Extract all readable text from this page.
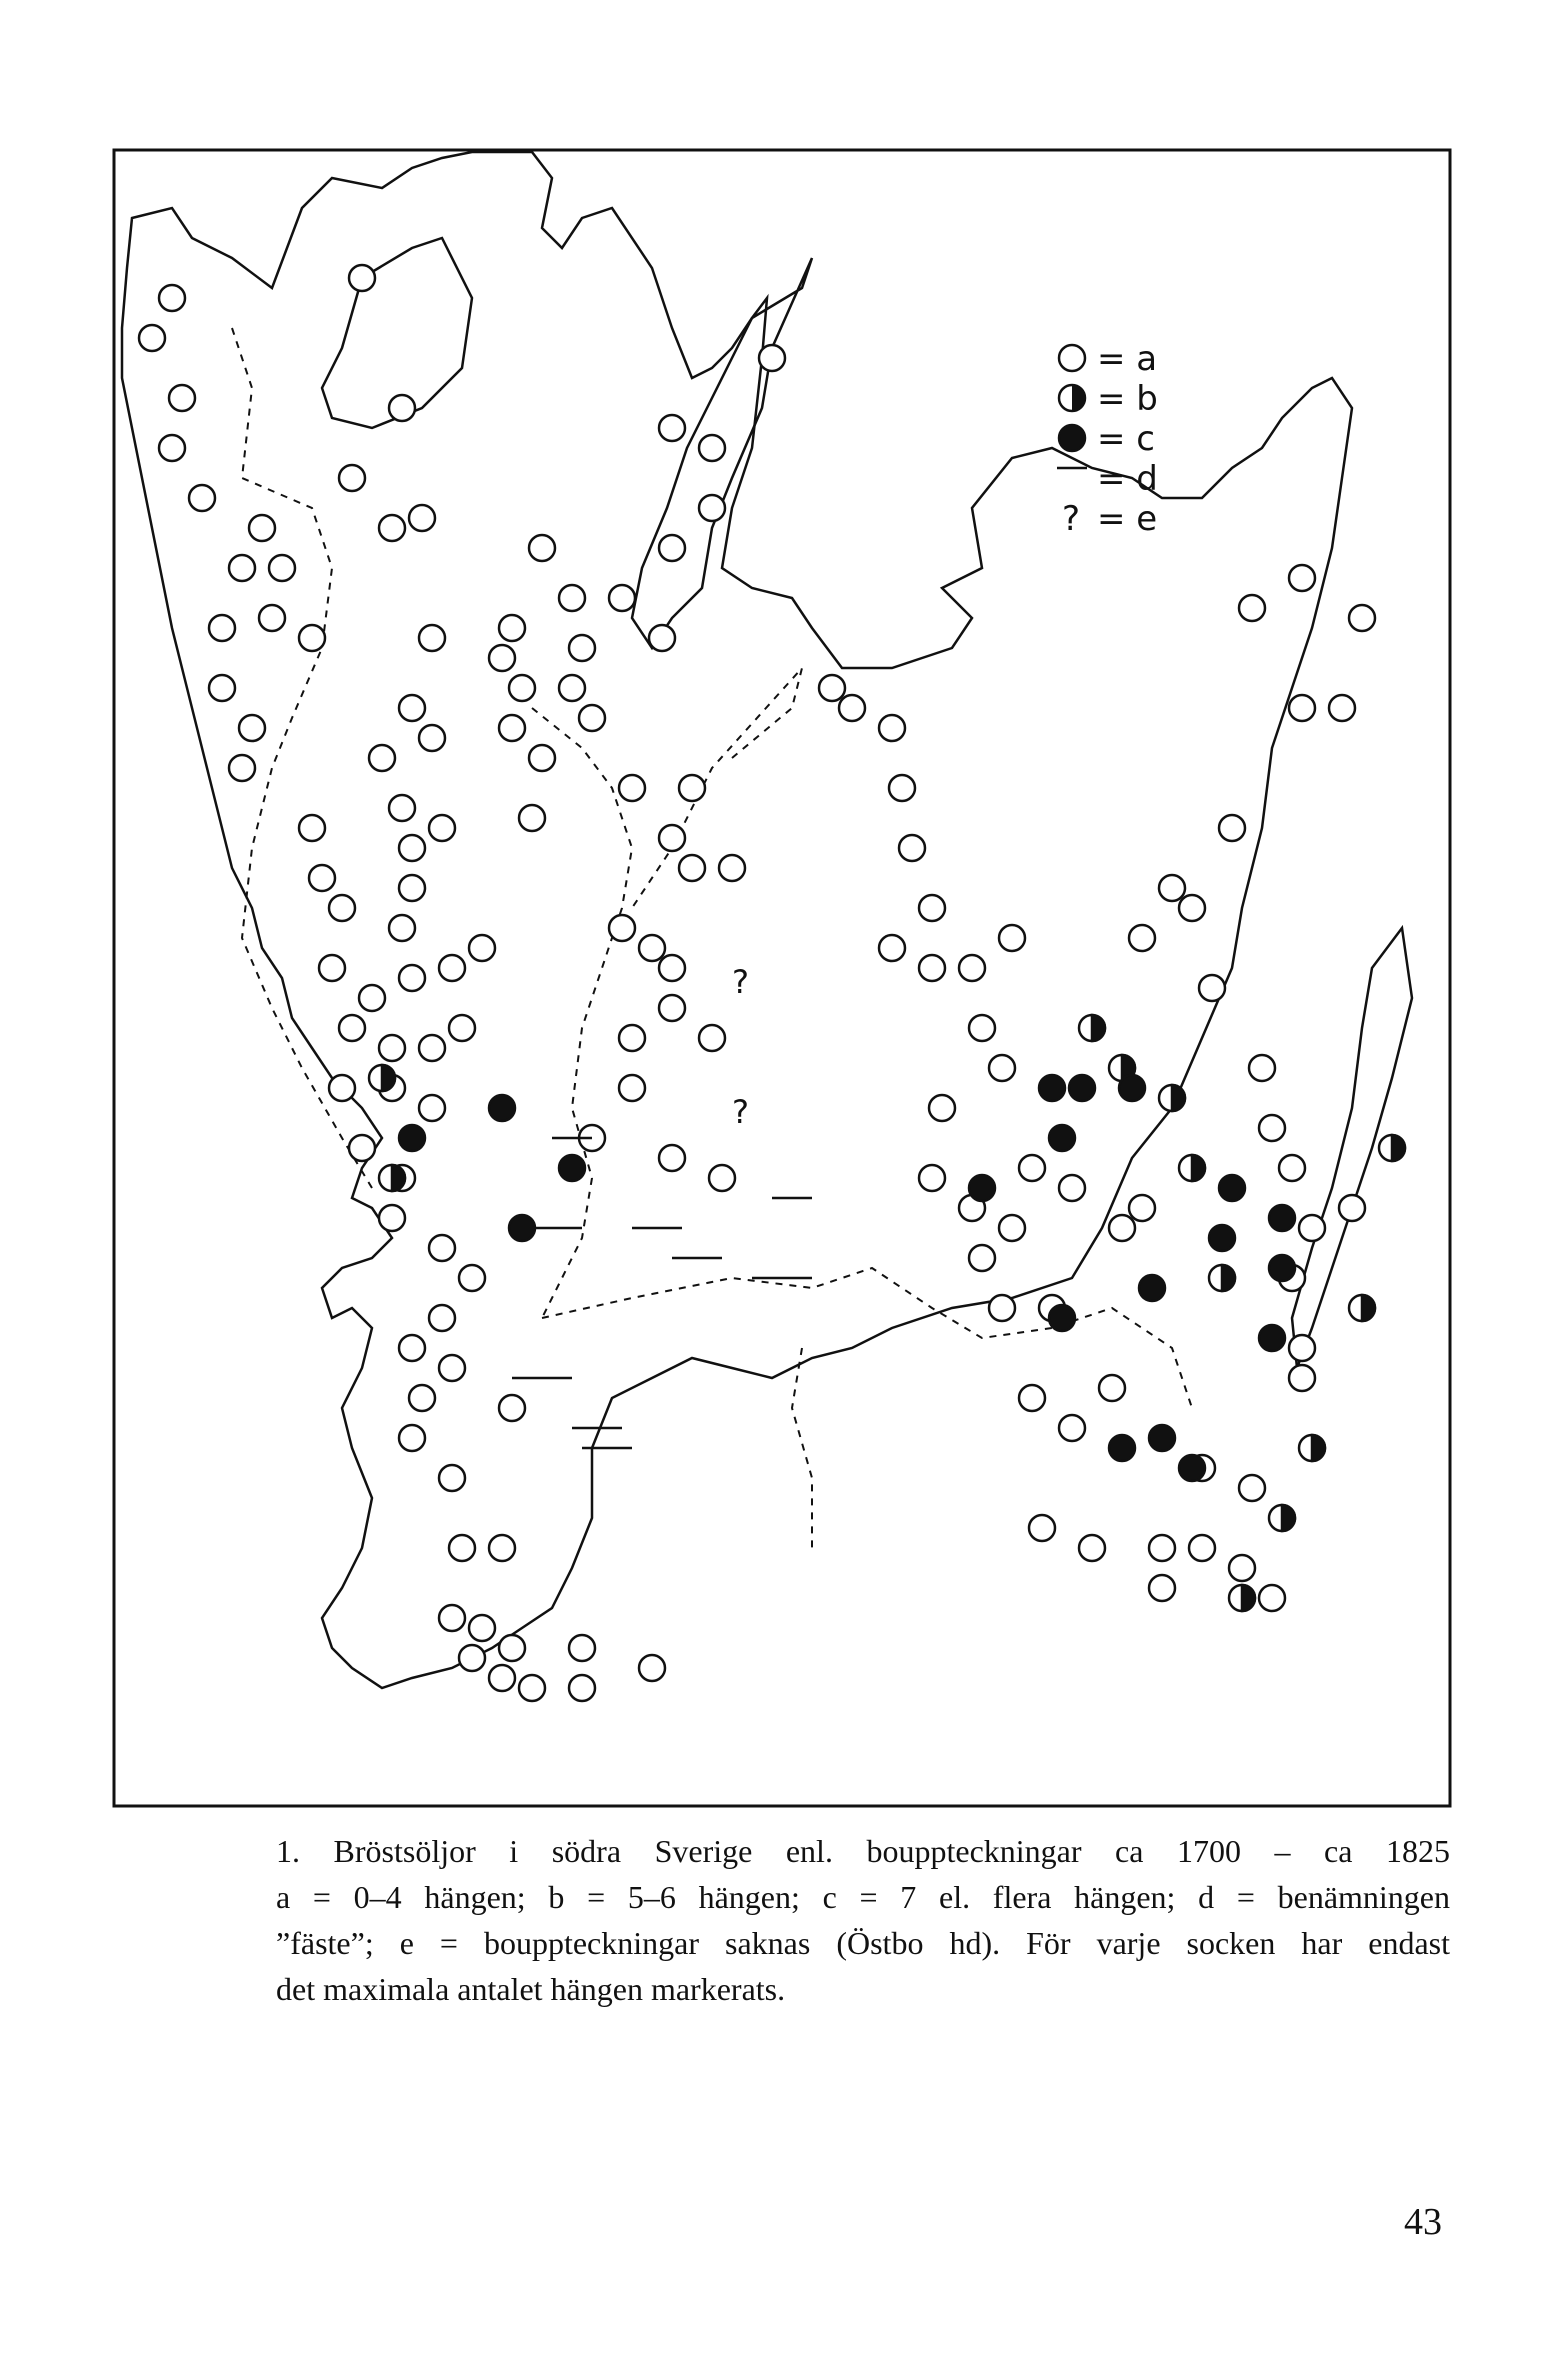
?
?
= a
= b
= c
= d
? = e
1. Bröstsöljor i södra Sverige enl. bouppteckningar ca 1700 – ca 1825
a = 0–4 hängen; b = 5–6 hängen; c = 7 el. flera hängen; d = benämningen
”fäste”; e = bouppteckningar saknas (Östbo hd). För varje socken har endast
det maximala antalet hängen markerats.
43
